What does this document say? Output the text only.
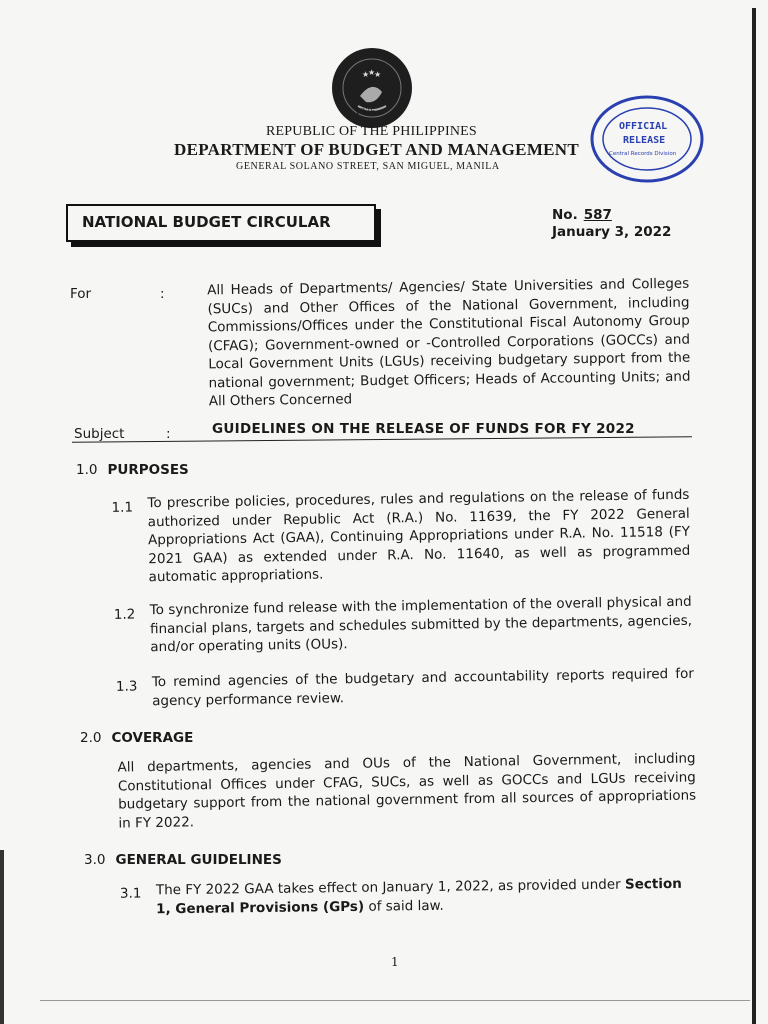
★
★
★
1936
REPUBLIC OF THE PHILIPPINES
DEPARTMENT OF BUDGET AND MANAGEMENT
GENERAL SOLANO STREET, SAN MIGUEL, MANILA
OFFICIAL
RELEASE
Central Records Division
NATIONAL BUDGET CIRCULAR	No. 587
January 3, 2022
For	:	All Heads of Departments/ Agencies/ State Universities and Colleges (SUCs) and Other Offices of the National Government, including Commissions/Offices under the Constitutional Fiscal Autonomy Group (CFAG); Government-owned or -Controlled Corporations (GOCCs) and Local Government Units (LGUs) receiving budgetary support from the national government; Budget Officers; Heads of Accounting Units; and All Others Concerned
Subject	:	GUIDELINES ON THE RELEASE OF FUNDS FOR FY 2022
1.0 PURPOSES
1.1 To prescribe policies, procedures, rules and regulations on the release of funds authorized under Republic Act (R.A.) No. 11639, the FY 2022 General Appropriations Act (GAA), Continuing Appropriations under R.A. No. 11518 (FY 2021 GAA) as extended under R.A. No. 11640, as well as programmed automatic appropriations.
1.2 To synchronize fund release with the implementation of the overall physical and financial plans, targets and schedules submitted by the departments, agencies, and/or operating units (OUs).
1.3 To remind agencies of the budgetary and accountability reports required for agency performance review.
2.0 COVERAGE
All departments, agencies and OUs of the National Government, including Constitutional Offices under CFAG, SUCs, as well as GOCCs and LGUs receiving budgetary support from the national government from all sources of appropriations in FY 2022.
3.0 GENERAL GUIDELINES
3.1 The FY 2022 GAA takes effect on January 1, 2022, as provided under Section 1, General Provisions (GPs) of said law.
1
